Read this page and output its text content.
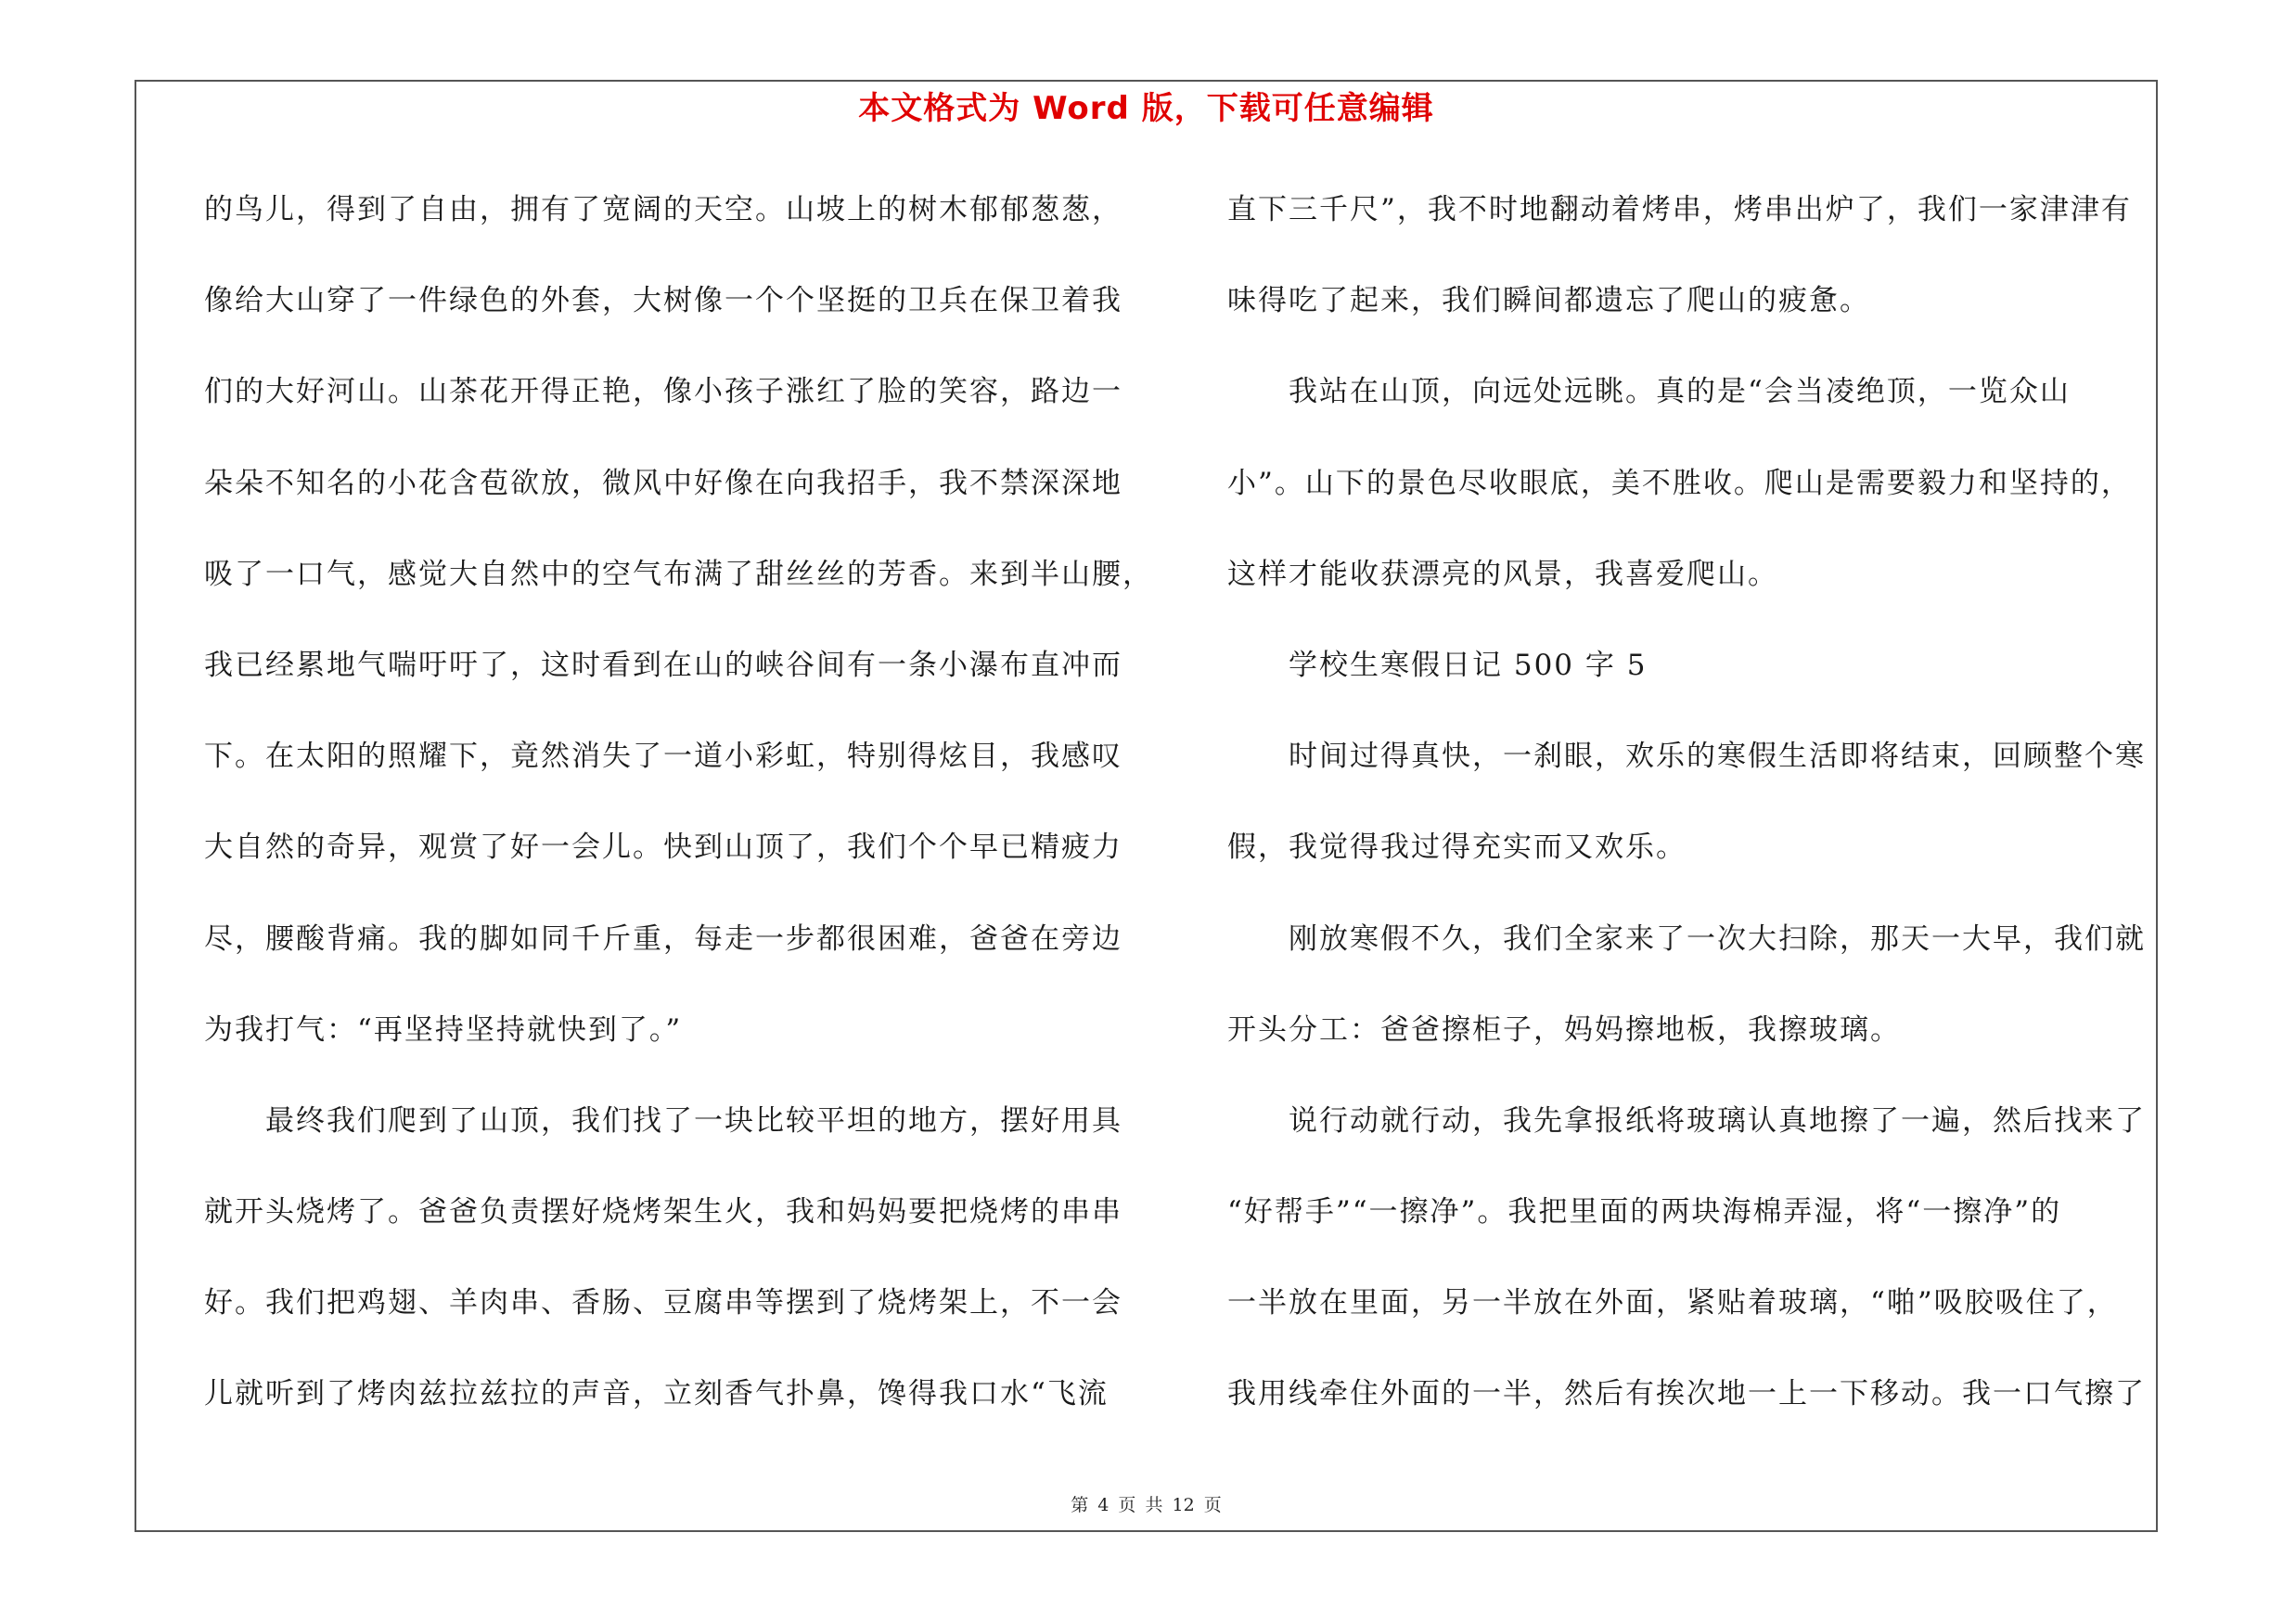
本文格式为 Word 版，下载可任意编辑
的鸟儿，得到了自由，拥有了宽阔的天空。山坡上的树木郁郁葱葱，
像给大山穿了一件绿色的外套，大树像一个个坚挺的卫兵在保卫着我
们的大好河山。山茶花开得正艳，像小孩子涨红了脸的笑容，路边一
朵朵不知名的小花含苞欲放，微风中好像在向我招手，我不禁深深地
吸了一口气，感觉大自然中的空气布满了甜丝丝的芳香。来到半山腰，
我已经累地气喘吁吁了，这时看到在山的峡谷间有一条小瀑布直冲而
下。在太阳的照耀下，竟然消失了一道小彩虹，特别得炫目，我感叹
大自然的奇异，观赏了好一会儿。快到山顶了，我们个个早已精疲力
尽，腰酸背痛。我的脚如同千斤重，每走一步都很困难，爸爸在旁边
为我打气：“再坚持坚持就快到了。”
最终我们爬到了山顶，我们找了一块比较平坦的地方，摆好用具
就开头烧烤了。爸爸负责摆好烧烤架生火，我和妈妈要把烧烤的串串
好。我们把鸡翅、羊肉串、香肠、豆腐串等摆到了烧烤架上，不一会
儿就听到了烤肉兹拉兹拉的声音，立刻香气扑鼻，馋得我口水“飞流
直下三千尺”，我不时地翻动着烤串，烤串出炉了，我们一家津津有
味得吃了起来，我们瞬间都遗忘了爬山的疲惫。
我站在山顶，向远处远眺。真的是“会当凌绝顶，一览众山
小”。山下的景色尽收眼底，美不胜收。爬山是需要毅力和坚持的，
这样才能收获漂亮的风景，我喜爱爬山。
学校生寒假日记 500 字 5
时间过得真快，一刹眼，欢乐的寒假生活即将结束，回顾整个寒
假，我觉得我过得充实而又欢乐。
刚放寒假不久，我们全家来了一次大扫除，那天一大早，我们就
开头分工：爸爸擦柜子，妈妈擦地板，我擦玻璃。
说行动就行动，我先拿报纸将玻璃认真地擦了一遍，然后找来了
“好帮手”“一擦净”。我把里面的两块海棉弄湿，将“一擦净”的
一半放在里面，另一半放在外面，紧贴着玻璃，“啪”吸胶吸住了，
我用线牵住外面的一半，然后有挨次地一上一下移动。我一口气擦了
第 4 页 共 12 页
